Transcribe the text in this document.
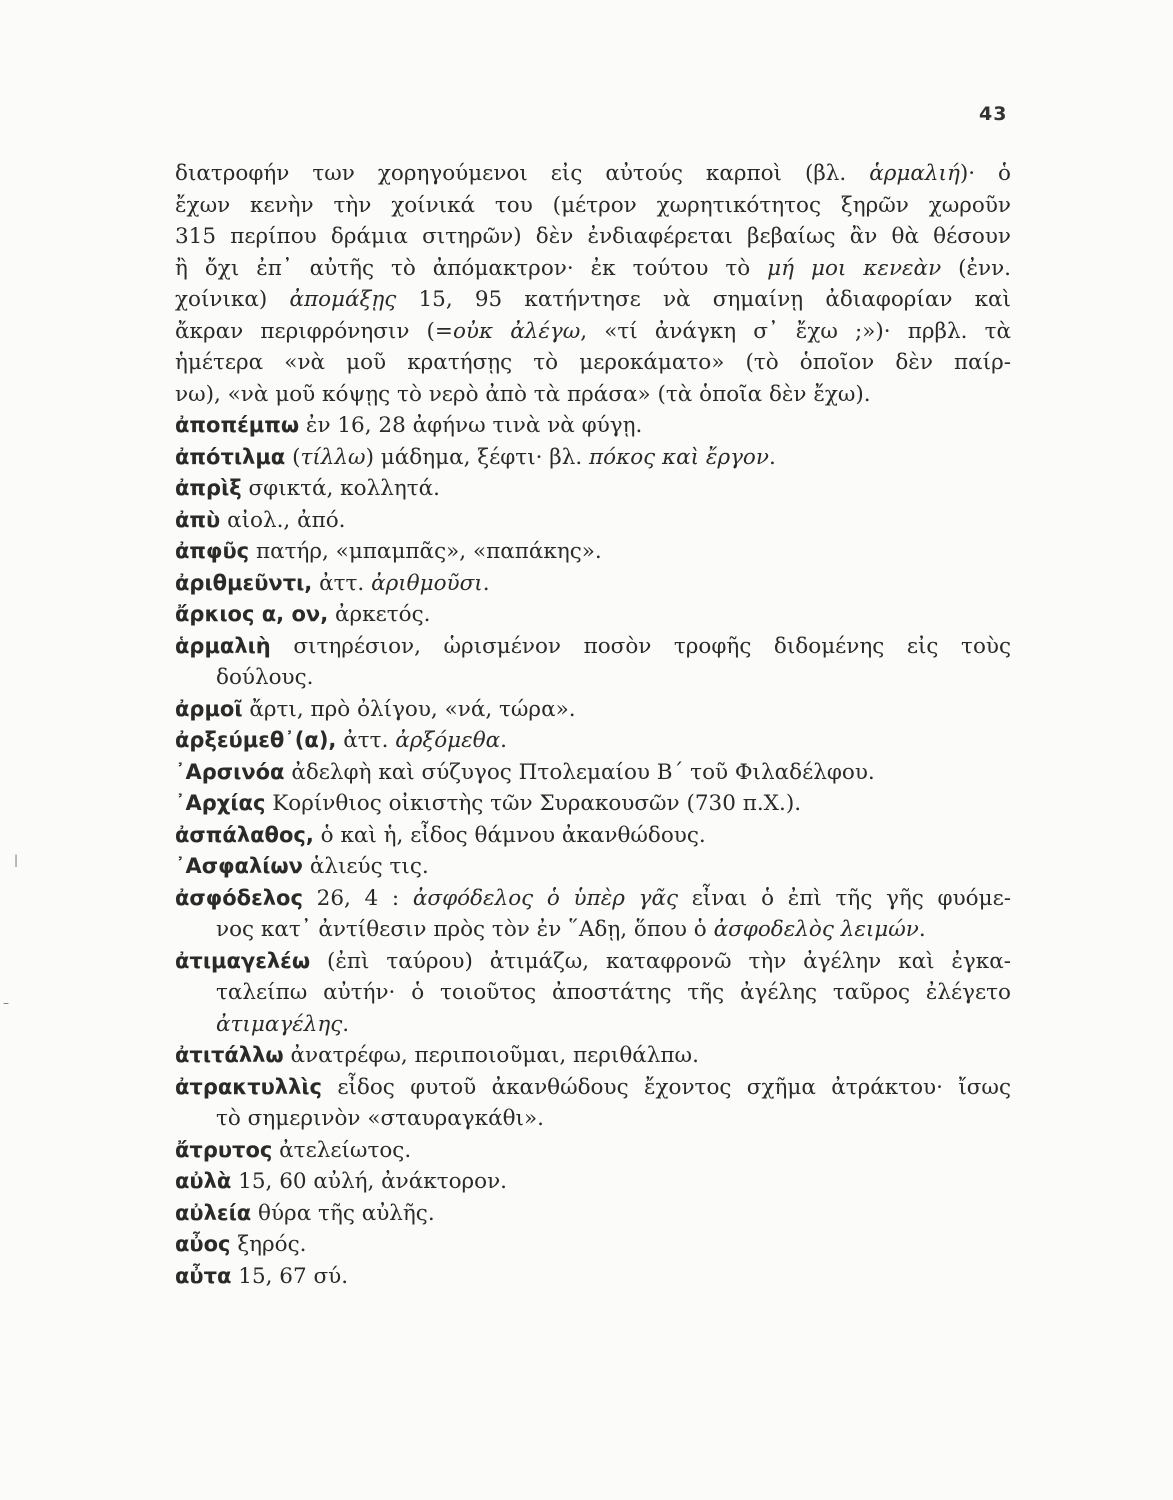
43
διατροφήν των χορηγούμενοι εἰς αὐτούς καρποὶ (βλ. ἁρμαλιή)· ὁ
ἔχων κενὴν τὴν χοίνικά του (μέτρον χωρητικότητος ξηρῶν χωροῦν
315 περίπου δράμια σιτηρῶν) δὲν ἐνδιαφέρεται βεβαίως ἂν θὰ θέσουν
ἢ ὄχι ἐπ᾽ αὐτῆς τὸ ἀπόμακτρον· ἐκ τούτου τὸ μή μοι κενεὰν (ἐνν.
χοίνικα) ἀπομάξῃς 15, 95 κατήντησε νὰ σημαίνῃ ἀδιαφορίαν καὶ
ἄκραν περιφρόνησιν (=οὐκ ἀλέγω, «τί ἀνάγκη σ᾽ ἔχω ;»)· πρβλ. τὰ
ἡμέτερα «νὰ μοῦ κρατήσῃς τὸ μεροκάματο» (τὸ ὁποῖον δὲν παίρ-
νω), «νὰ μοῦ κόψῃς τὸ νερὸ ἀπὸ τὰ πράσα» (τὰ ὁποῖα δὲν ἔχω).
ἀποπέμπω ἐν 16, 28 ἀφήνω τινὰ νὰ φύγῃ.
ἀπότιλμα (τίλλω) μάδημα, ξέφτι· βλ. πόκος καὶ ἔργον.
ἀπρὶξ σφικτά, κολλητά.
ἀπὺ αἰολ., ἀπό.
ἀπφῦς πατήρ, «μπαμπᾶς», «παπάκης».
ἀριθμεῦντι, ἀττ. ἀριθμοῦσι.
ἄρκιος α, ον, ἀρκετός.
ἁρμαλιὴ σιτηρέσιον, ὡρισμένον ποσὸν τροφῆς διδομένης εἰς τοὺς
δούλους.
ἀρμοῖ ἄρτι, πρὸ ὀλίγου, «νά, τώρα».
ἀρξεύμεθ᾽(α), ἀττ. ἀρξόμεθα.
᾽Αρσινόα ἀδελφὴ καὶ σύζυγος Πτολεμαίου Β΄ τοῦ Φιλαδέλφου.
᾽Αρχίας Κορίνθιος οἰκιστὴς τῶν Συρακουσῶν (730 π.Χ.).
ἀσπάλαθος, ὁ καὶ ἡ, εἶδος θάμνου ἀκανθώδους.
᾽Ασφαλίων ἁλιεύς τις.
ἀσφόδελος 26, 4 : ἀσφόδελος ὁ ὑπὲρ γᾶς εἶναι ὁ ἐπὶ τῆς γῆς φυόμε-
νος κατ᾽ ἀντίθεσιν πρὸς τὸν ἐν ῞Αδῃ, ὅπου ὁ ἀσφοδελὸς λειμών.
ἀτιμαγελέω (ἐπὶ ταύρου) ἀτιμάζω, καταφρονῶ τὴν ἀγέλην καὶ ἐγκα-
ταλείπω αὐτήν· ὁ τοιοῦτος ἀποστάτης τῆς ἀγέλης ταῦρος ἐλέγετο
ἀτιμαγέλης.
ἀτιτάλλω ἀνατρέφω, περιποιοῦμαι, περιθάλπω.
ἀτρακτυλλὶς εἶδος φυτοῦ ἀκανθώδους ἔχοντος σχῆμα ἀτράκτου· ἴσως
τὸ σημερινὸν «σταυραγκάθι».
ἄτρυτος ἀτελείωτος.
αὐλὰ 15, 60 αὐλή, ἀνάκτορον.
αὐλεία θύρα τῆς αὐλῆς.
αὖος ξηρός.
αὖτα 15, 67 σύ.
|
–
